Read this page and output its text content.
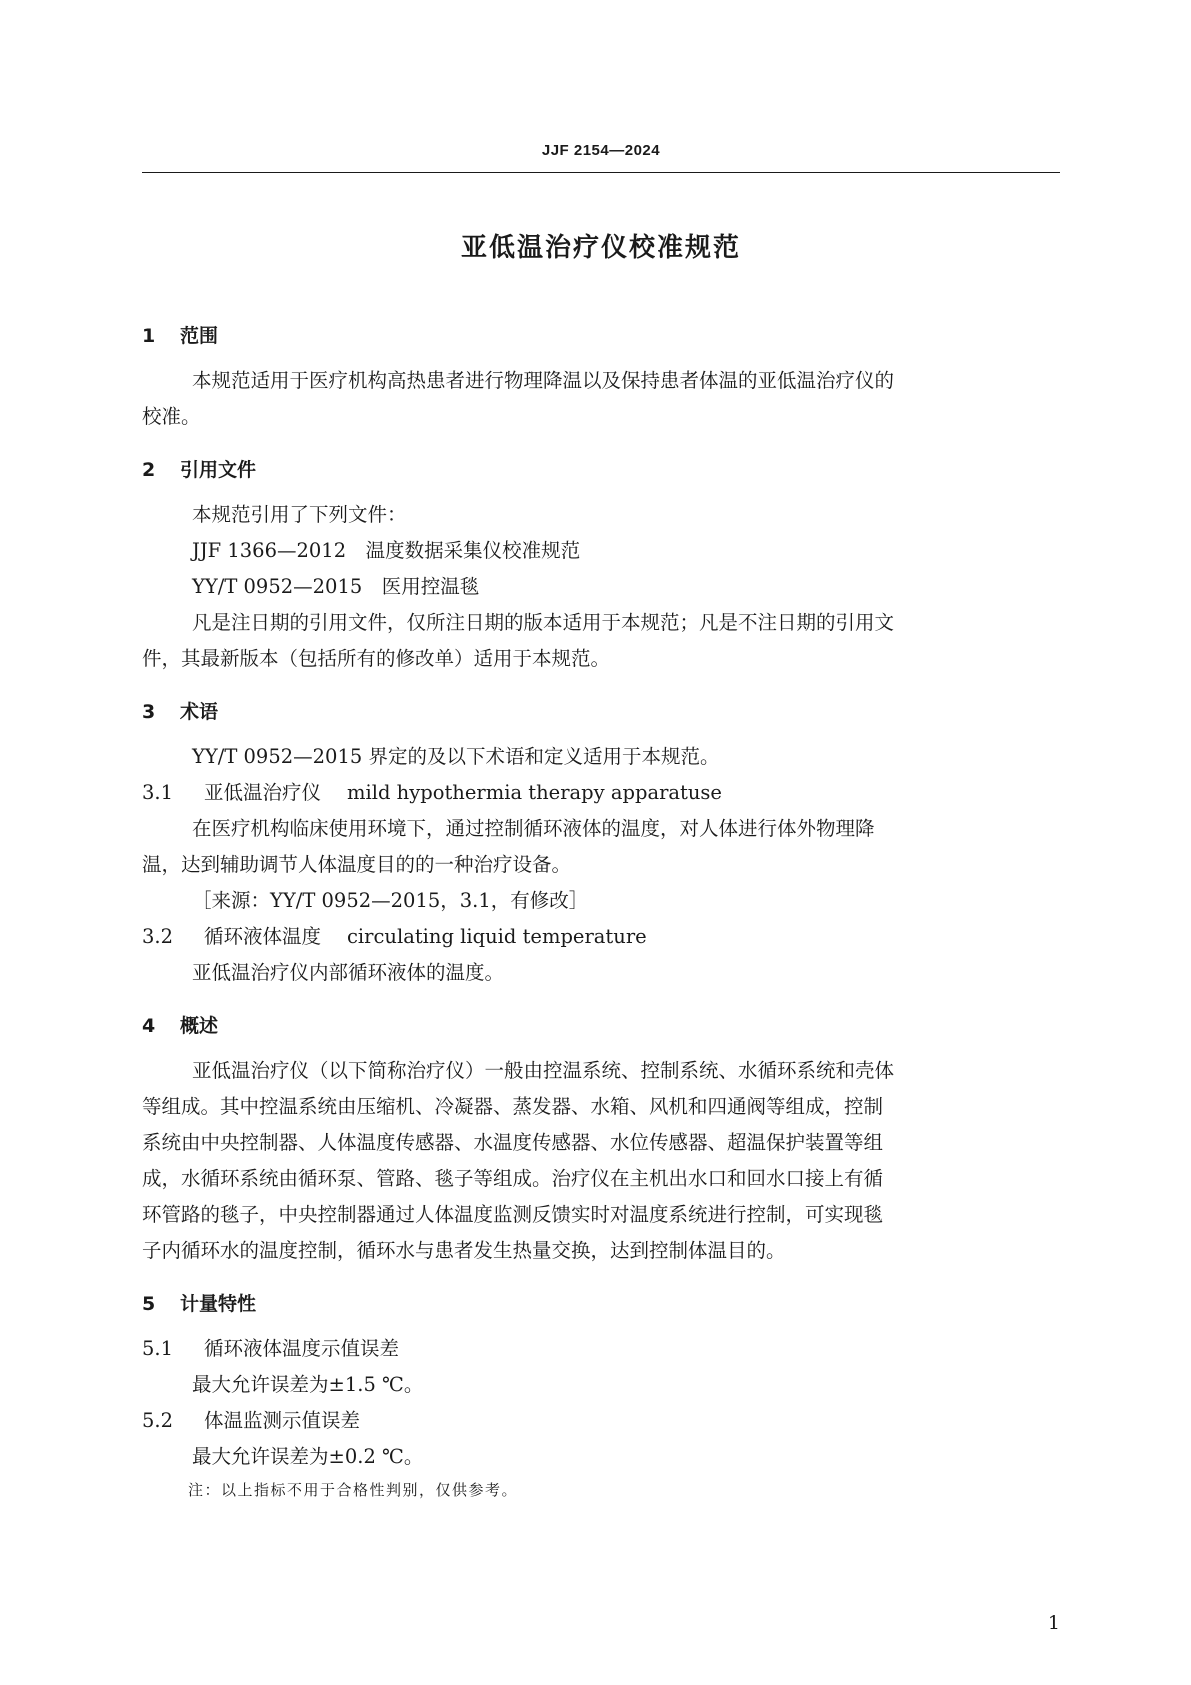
JJF 2154—2024
亚低温治疗仪校准规范
1 范围

本规范适用于医疗机构高热患者进行物理降温以及保持患者体温的亚低温治疗仪的

校准。

2 引用文件

本规范引用了下列文件：

JJF 1366—2012　温度数据采集仪校准规范

YY/T 0952—2015　医用控温毯

凡是注日期的引用文件，仅所注日期的版本适用于本规范；凡是不注日期的引用文

件，其最新版本（包括所有的修改单）适用于本规范。

3 术语

YY/T 0952—2015 界定的及以下术语和定义适用于本规范。

3.1 亚低温治疗仪 mild hypothermia therapy apparatuse

在医疗机构临床使用环境下，通过控制循环液体的温度，对人体进行体外物理降

温，达到辅助调节人体温度目的的一种治疗设备。

［来源：YY/T 0952—2015，3.1，有修改］

3.2 循环液体温度 circulating liquid temperature

亚低温治疗仪内部循环液体的温度。

4 概述

亚低温治疗仪（以下简称治疗仪）一般由控温系统、控制系统、水循环系统和壳体

等组成。其中控温系统由压缩机、冷凝器、蒸发器、水箱、风机和四通阀等组成，控制

系统由中央控制器、人体温度传感器、水温度传感器、水位传感器、超温保护装置等组

成，水循环系统由循环泵、管路、毯子等组成。治疗仪在主机出水口和回水口接上有循

环管路的毯子，中央控制器通过人体温度监测反馈实时对温度系统进行控制，可实现毯

子内循环水的温度控制，循环水与患者发生热量交换，达到控制体温目的。

5 计量特性

5.1 循环液体温度示值误差

最大允许误差为±1.5 ℃。

5.2 体温监测示值误差

最大允许误差为±0.2 ℃。

注：以上指标不用于合格性判别，仅供参考。

1
